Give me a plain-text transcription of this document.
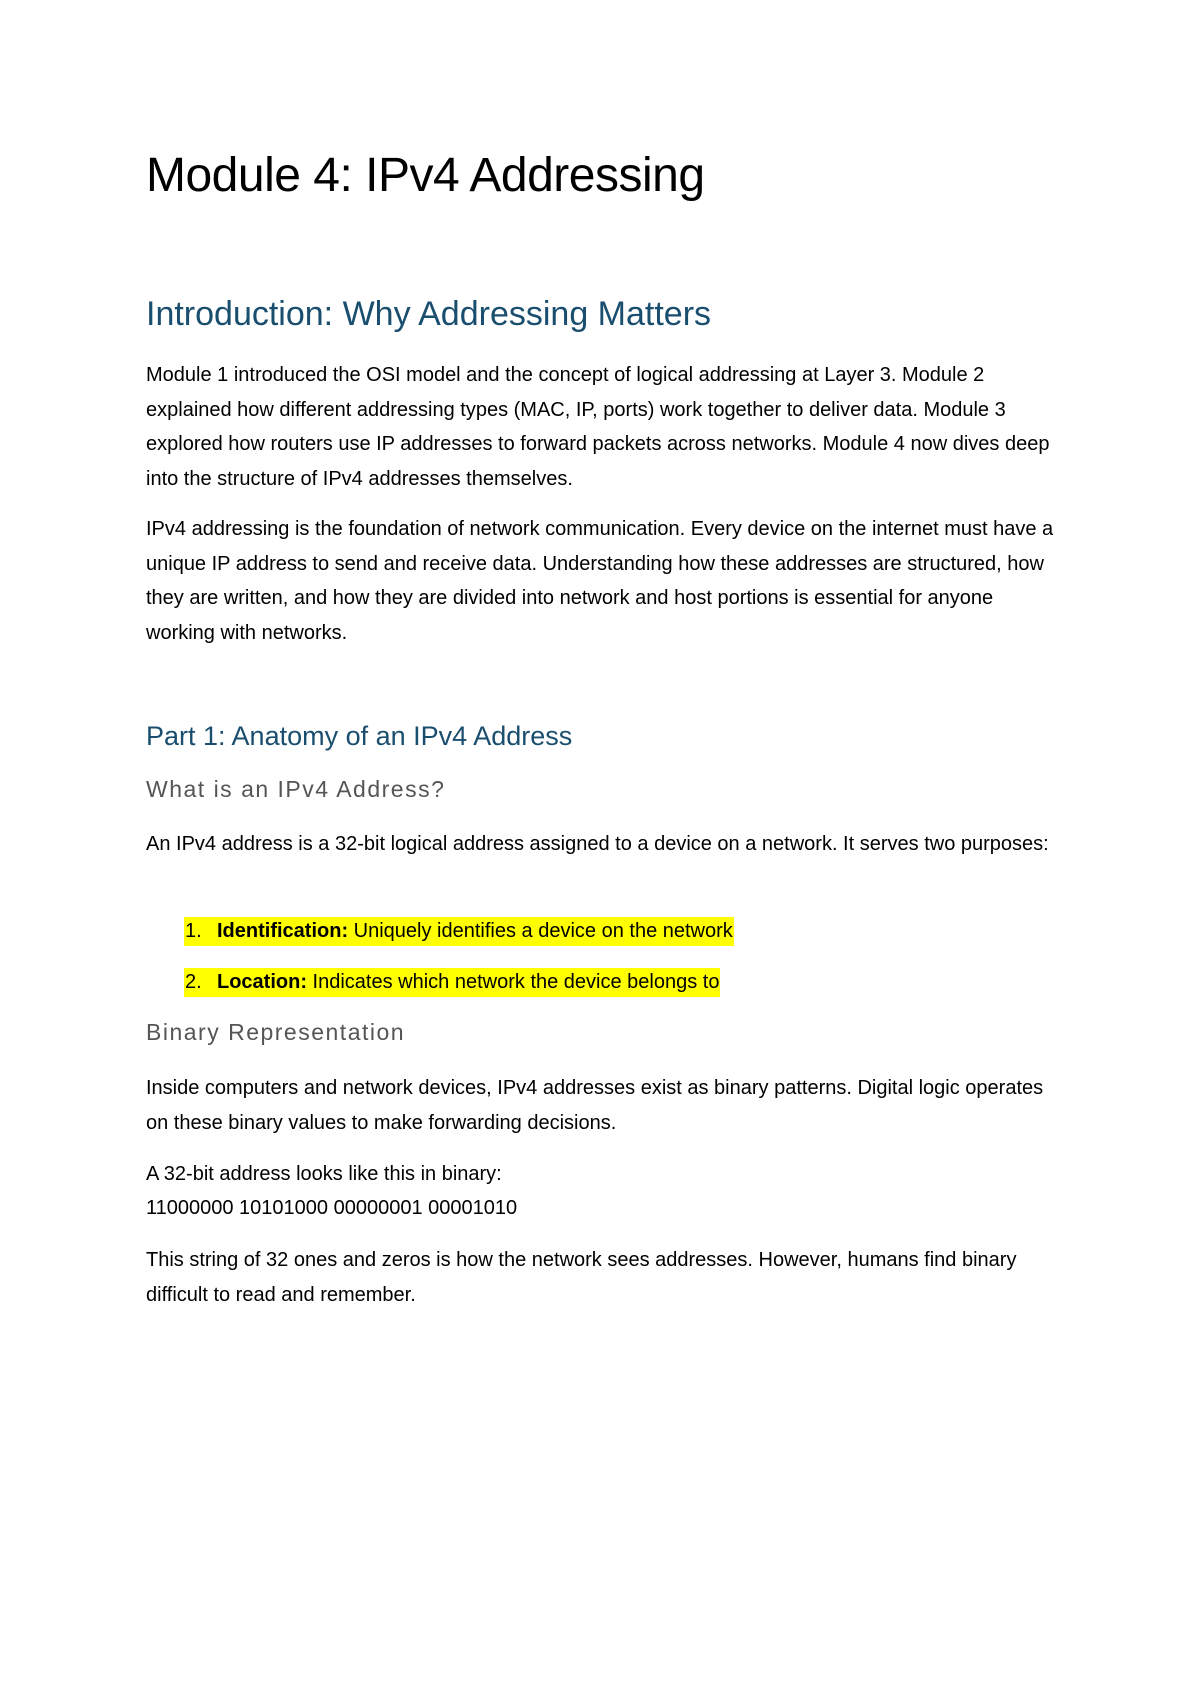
Module 4: IPv4 Addressing
Introduction: Why Addressing Matters

Module 1 introduced the OSI model and the concept of logical addressing at Layer 3. Module 2 explained how different addressing types (MAC, IP, ports) work together to deliver data. Module 3 explored how routers use IP addresses to forward packets across networks. Module 4 now dives deep into the structure of IPv4 addresses themselves.

IPv4 addressing is the foundation of network communication. Every device on the internet must have a unique IP address to send and receive data. Understanding how these addresses are structured, how they are written, and how they are divided into network and host portions is essential for anyone working with networks.

Part 1: Anatomy of an IPv4 Address
What is an IPv4 Address?

An IPv4 address is a 32-bit logical address assigned to a device on a network. It serves two purposes:

1. Identification: Uniquely identifies a device on the network
2. Location: Indicates which network the device belongs to
Binary Representation

Inside computers and network devices, IPv4 addresses exist as binary patterns. Digital logic operates on these binary values to make forwarding decisions.

A 32-bit address looks like this in binary:

11000000 10101000 00000001 00001010

This string of 32 ones and zeros is how the network sees addresses. However, humans find binary difficult to read and remember.
